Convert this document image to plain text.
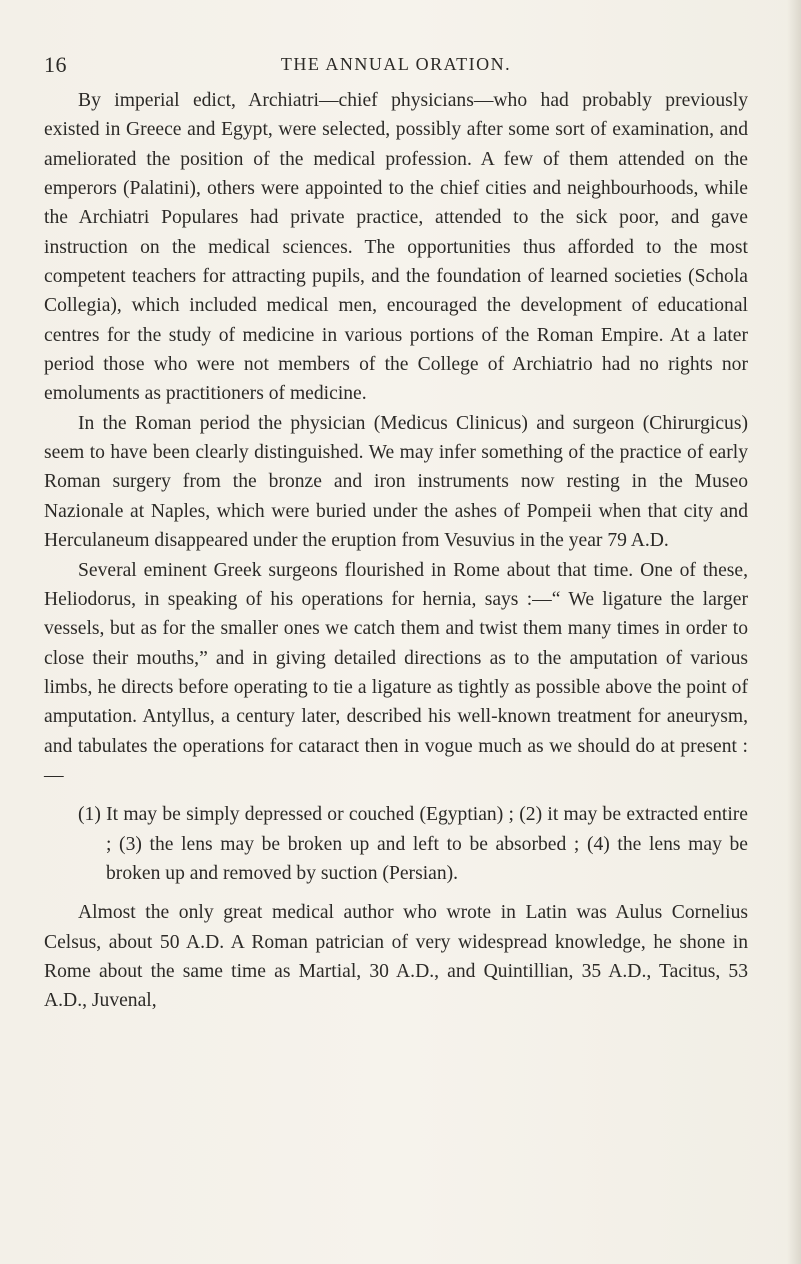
16	THE ANNUAL ORATION.

By imperial edict, Archiatri—chief physicians—who had probably previously existed in Greece and Egypt, were selected, possibly after some sort of examination, and ameliorated the position of the medical profession. A few of them attended on the emperors (Palatini), others were appointed to the chief cities and neighbourhoods, while the Archiatri Populares had private practice, attended to the sick poor, and gave instruction on the medical sciences. The opportunities thus afforded to the most competent teachers for attracting pupils, and the foundation of learned societies (Schola Collegia), which included medical men, encouraged the development of educational centres for the study of medicine in various portions of the Roman Empire. At a later period those who were not members of the College of Archiatrio had no rights nor emoluments as practitioners of medicine.

In the Roman period the physician (Medicus Clinicus) and surgeon (Chirurgicus) seem to have been clearly distinguished. We may infer something of the practice of early Roman surgery from the bronze and iron instruments now resting in the Museo Nazionale at Naples, which were buried under the ashes of Pompeii when that city and Herculaneum disappeared under the eruption from Vesuvius in the year 79 A.D.

Several eminent Greek surgeons flourished in Rome about that time. One of these, Heliodorus, in speaking of his operations for hernia, says :—“ We ligature the larger vessels, but as for the smaller ones we catch them and twist them many times in order to close their mouths,” and in giving detailed directions as to the amputation of various limbs, he directs before operating to tie a ligature as tightly as possible above the point of amputation. Antyllus, a century later, described his well-known treatment for aneurysm, and tabulates the operations for cataract then in vogue much as we should do at present :—

(1) It may be simply depressed or couched (Egyptian) ; (2) it may be extracted entire ; (3) the lens may be broken up and left to be absorbed ; (4) the lens may be broken up and removed by suction (Persian).

Almost the only great medical author who wrote in Latin was Aulus Cornelius Celsus, about 50 A.D. A Roman patrician of very widespread knowledge, he shone in Rome about the same time as Martial, 30 A.D., and Quintillian, 35 A.D., Tacitus, 53 A.D., Juvenal,
